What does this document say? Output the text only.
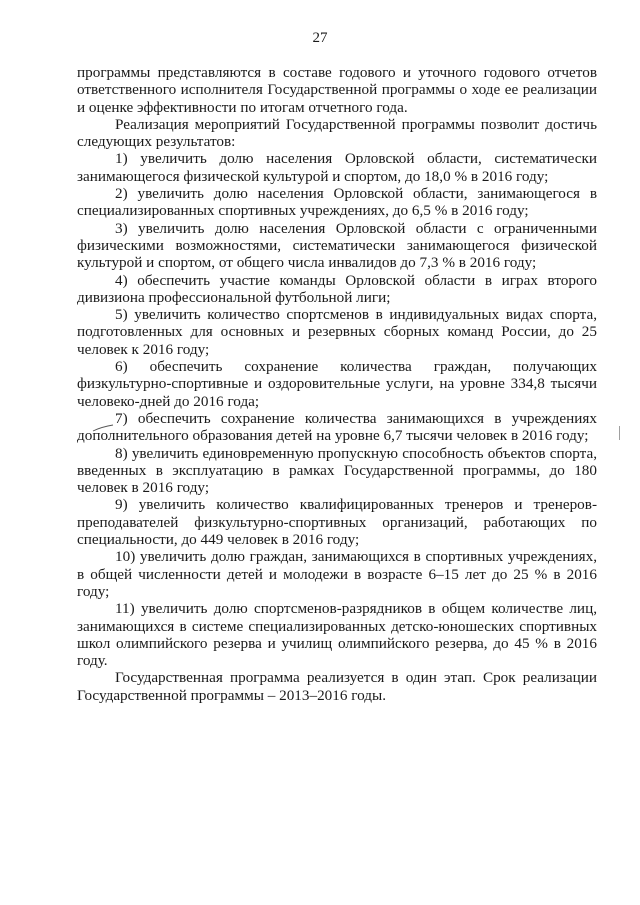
27

программы представляются в составе годового и уточного годового отчетов ответственного исполнителя Государственной программы о ходе ее реализации и оценке эффективности по итогам отчетного года.

Реализация мероприятий Государственной программы позволит достичь следующих результатов:

1) увеличить долю населения Орловской области, систематически занимающегося физической культурой и спортом, до 18,0 % в 2016 году;

2) увеличить долю населения Орловской области, занимающегося в специализированных спортивных учреждениях, до 6,5 % в 2016 году;

3) увеличить долю населения Орловской области с ограниченными физическими возможностями, систематически занимающегося физической культурой и спортом, от общего числа инвалидов до 7,3 % в 2016 году;

4) обеспечить участие команды Орловской области в играх второго дивизиона профессиональной футбольной лиги;

5) увеличить количество спортсменов в индивидуальных видах спорта, подготовленных для основных и резервных сборных команд России, до 25 человек к 2016 году;

6) обеспечить сохранение количества граждан, получающих физкультурно-спортивные и оздоровительные услуги, на уровне 334,8 тысячи человеко-дней до 2016 года;

7) обеспечить сохранение количества занимающихся в учреждениях дополнительного образования детей на уровне 6,7 тысячи человек в 2016 году;

8) увеличить единовременную пропускную способность объектов спорта, введенных в эксплуатацию в рамках Государственной программы, до 180 человек в 2016 году;

9) увеличить количество квалифицированных тренеров и тренеров-преподавателей физкультурно-спортивных организаций, работающих по специальности, до 449 человек в 2016 году;

10) увеличить долю граждан, занимающихся в спортивных учреждениях, в общей численности детей и молодежи в возрасте 6–15 лет до 25 % в 2016 году;

11) увеличить долю спортсменов-разрядников в общем количестве лиц, занимающихся в системе специализированных детско-юношеских спортивных школ олимпийского резерва и училищ олимпийского резерва, до 45 % в 2016 году.

Государственная программа реализуется в один этап. Срок реализации Государственной программы – 2013–2016 годы.
